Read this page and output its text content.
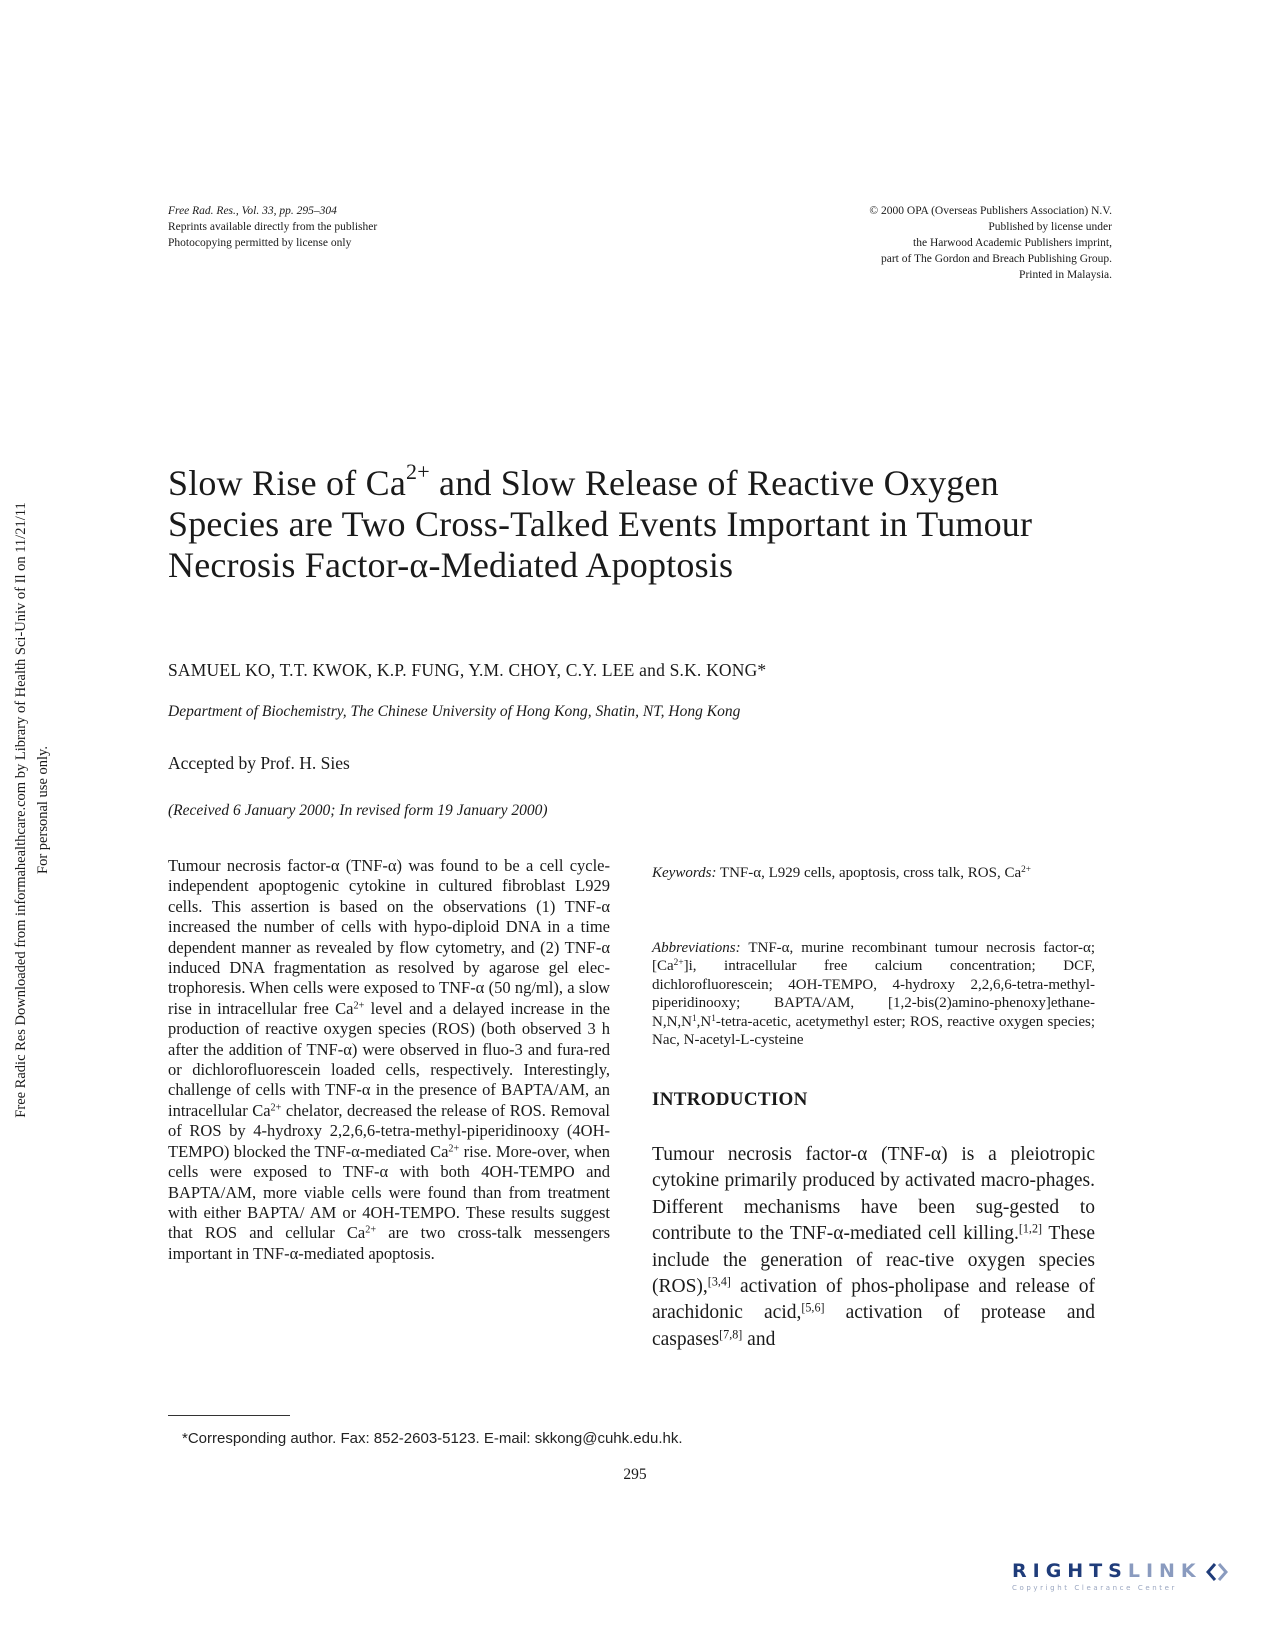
Free Rad. Res., Vol. 33, pp. 295–304
Reprints available directly from the publisher
Photocopying permitted by license only
© 2000 OPA (Overseas Publishers Association) N.V.
Published by license under
the Harwood Academic Publishers imprint,
part of The Gordon and Breach Publishing Group.
Printed in Malaysia.
Free Radic Res Downloaded from informahealthcare.com by Library of Health Sci-Univ of Il on 11/21/11 For personal use only.
Slow Rise of $Ca^{2+}$ and Slow Release of Reactive Oxygen Species are Two Cross-Talked Events Important in Tumour Necrosis Factor-α-Mediated Apoptosis
SAMUEL KO, T.T. KWOK, K.P. FUNG, Y.M. CHOY, C.Y. LEE and S.K. KONG*
Department of Biochemistry, The Chinese University of Hong Kong, Shatin, NT, Hong Kong
Accepted by Prof. H. Sies
(Received 6 January 2000; In revised form 19 January 2000)
Tumour necrosis factor-α (TNF-α) was found to be a cell cycle-independent apoptogenic cytokine in cultured fibroblast L929 cells. This assertion is based on the observations (1) TNF-α increased the number of cells with hypo-diploid DNA in a time dependent manner as revealed by flow cytometry, and (2) TNF-α induced DNA fragmentation as resolved by agarose gel elec-trophoresis. When cells were exposed to TNF-α (50 ng/ml), a slow rise in intracellular free $Ca^{2+}$ level and a delayed increase in the production of reactive oxygen species (ROS) (both observed 3 h after the addition of TNF-α) were observed in fluo-3 and fura-red or dichlorofluorescein loaded cells, respectively. Interestingly, challenge of cells with TNF-α in the presence of BAPTA/AM, an intracellular $Ca^{2+}$ chelator, decreased the release of ROS. Removal of ROS by 4-hydroxy 2,2,6,6-tetra-methyl-piperidinooxy (4OH-TEMPO) blocked the TNF-α-mediated $Ca^{2+}$ rise. More-over, when cells were exposed to TNF-α with both 4OH-TEMPO and BAPTA/AM, more viable cells were found than from treatment with either BAPTA/ AM or 4OH-TEMPO. These results suggest that ROS and cellular $Ca^{2+}$ are two cross-talk messengers important in TNF-α-mediated apoptosis.
Keywords: TNF-α, L929 cells, apoptosis, cross talk, ROS, $Ca^{2+}$
Abbreviations: TNF-α, murine recombinant tumour necrosis factor-α; $[Ca^{2+}]i$, intracellular free calcium concentration; DCF, dichlorofluorescein; 4OH-TEMPO, 4-hydroxy 2,2,6,6-tetra-methyl-piperidinooxy; BAPTA/AM, $[1,2-bis(2)amino-phenoxy]ethane-N,N,N^1,N^1-tetra$-acetic, acetymethyl ester; ROS, reactive oxygen species; Nac, N-acetyl-L-cysteine
INTRODUCTION
Tumour necrosis factor-α (TNF-α) is a pleiotropic cytokine primarily produced by activated macro-phages. Different mechanisms have been sug-gested to contribute to the TNF-α-mediated cell killing.[1,2] These include the generation of reac-tive oxygen species (ROS),[3,4] activation of phos-pholipase and release of arachidonic acid,[5,6] activation of protease and caspases[7,8] and
*Corresponding author. Fax: 852-2603-5123. E-mail: skkong@cuhk.edu.hk.
295
RIGHTSLINK
Copyright Clearance Center
